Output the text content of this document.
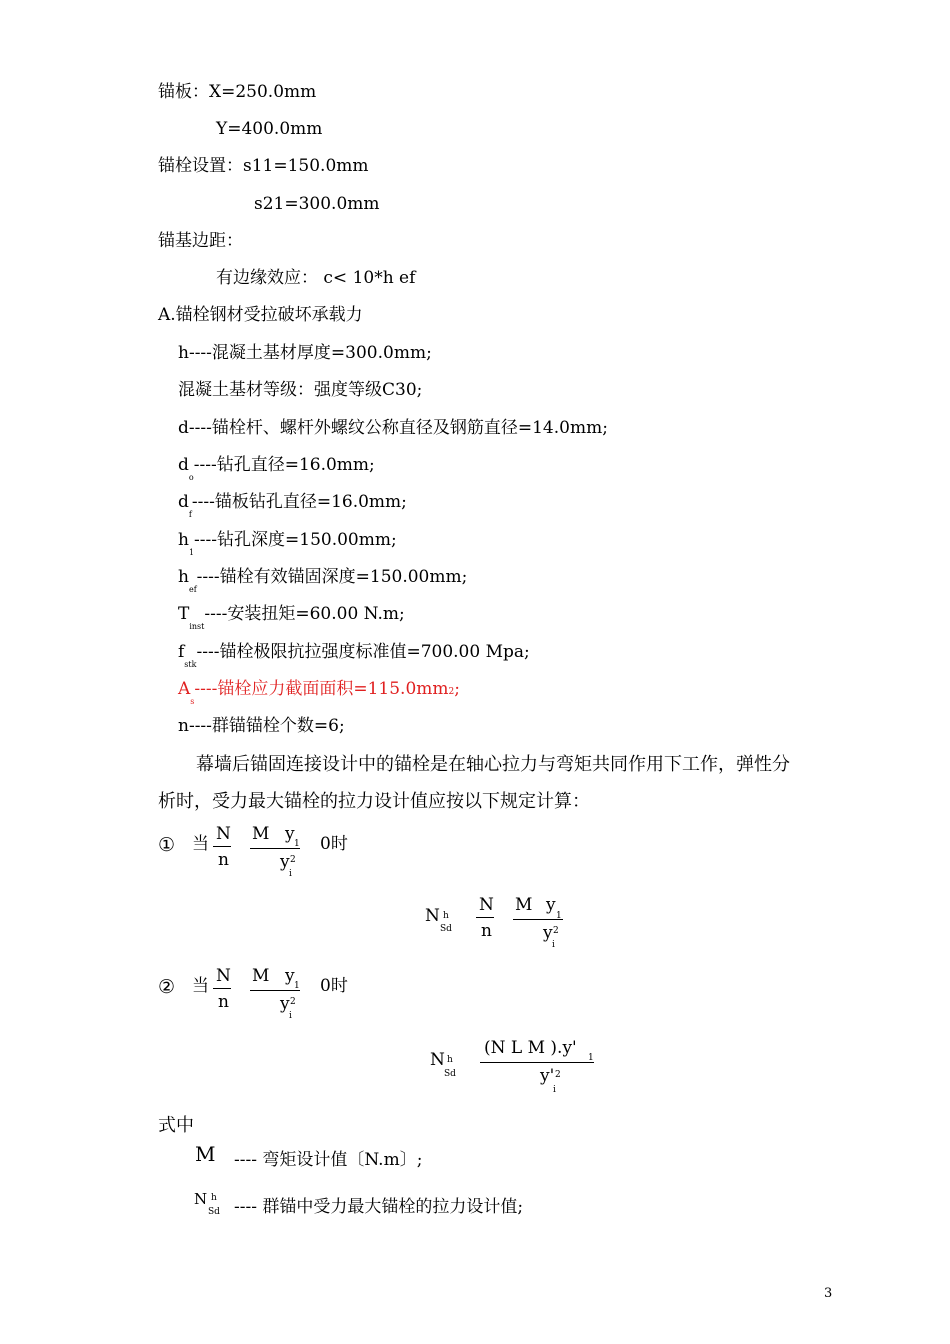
锚板：X=250.0mm
Y=400.0mm
锚栓设置：s11=150.0mm
s21=300.0mm
锚基边距：
有边缘效应： c< 10*h ef
A.锚栓钢材受拉破坏承载力
h----混凝土基材厚度=300.0mm;
混凝土基材等级：强度等级C30;
d----锚栓杆、螺杆外螺纹公称直径及钢筋直径=14.0mm;
$d_o----$钻孔直径=16.0mm;
$d_f----$锚板钻孔直径=16.0mm;
$h_1----$钻孔深度=150.00mm;
$h_{ef}----$锚栓有效锚固深度=150.00mm;
$T_{inst}----$安装扭矩=60.00 N.m;
$f_{stk}----$锚栓极限抗拉强度标准值=700.00 Mpa;
$A_s----$锚栓应力截面面积=115.0mm2;
n----群锚锚栓个数=6;
幕墙后锚固连接设计中的锚栓是在轴心拉力与弯矩共同作用下工作，弹性分
析时，受力最大锚栓的拉力设计值应按以下规定计算：
① 当 N
n
M y 1
y 2
i
0时
N h
Sd
N
n
M y
1
y 2
i
② 当 N
n
M y 1
y 2
i
0时
N h
Sd
(N L M ).y' 1
y' 2
i
式中
M ---- 弯矩设计值〔N.m〕;
N h
Sd ---- 群锚中受力最大锚栓的拉力设计值;
3
